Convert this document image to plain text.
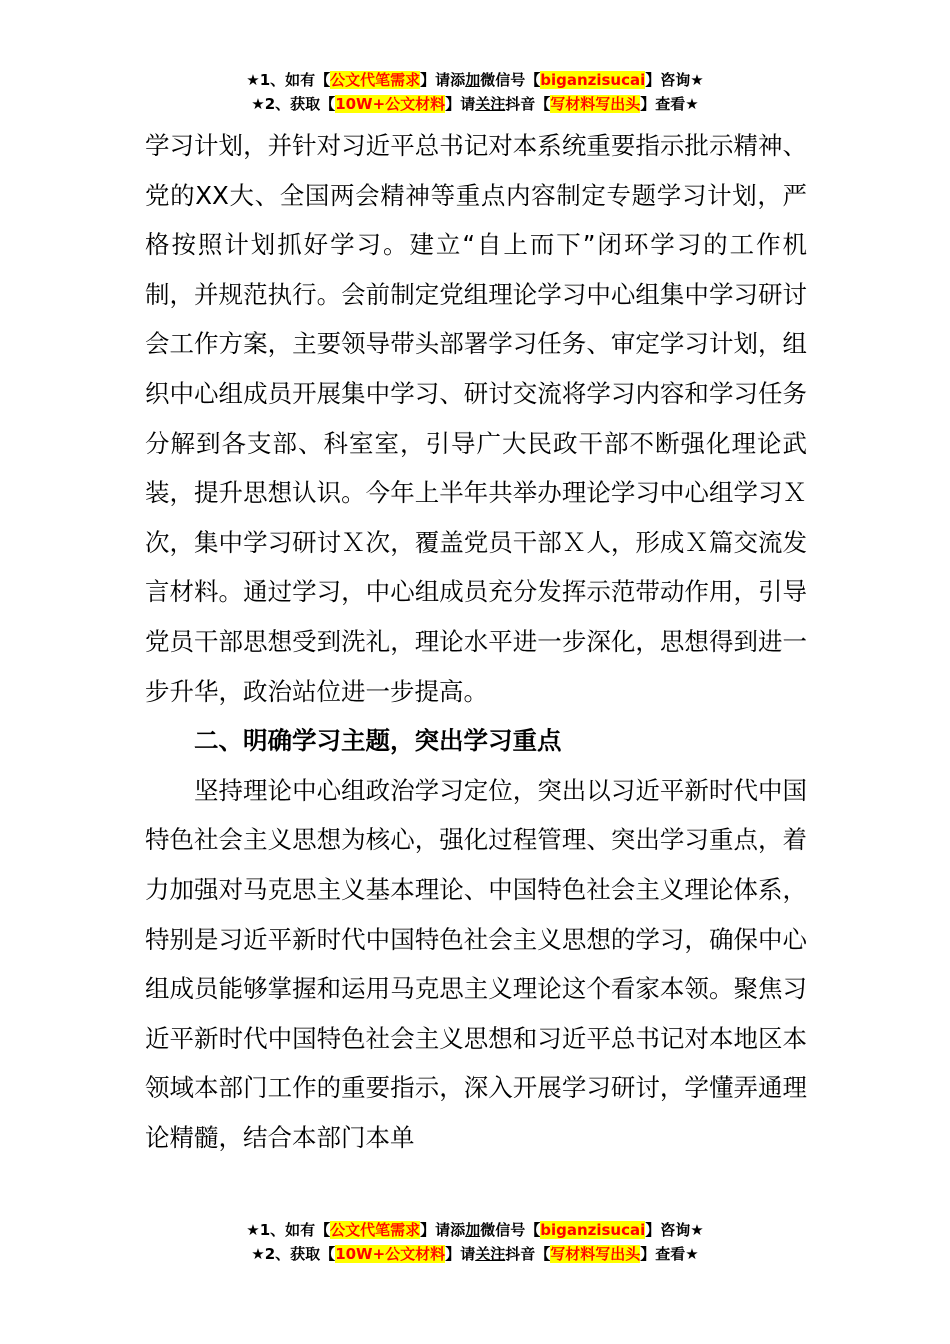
★1、如有【公文代笔需求】请添加微信号【biganzisucai】咨询★
★2、获取【10W+公文材料】请关注抖音【写材料写出头】查看★

学习计划，并针对习近平总书记对本系统重要指示批示精神、党的XX大、全国两会精神等重点内容制定专题学习计划，严格按照计划抓好学习。建立“自上而下”闭环学习的工作机制，并规范执行。会前制定党组理论学习中心组集中学习研讨会工作方案，主要领导带头部署学习任务、审定学习计划，组织中心组成员开展集中学习、研讨交流将学习内容和学习任务分解到各支部、科室室，引导广大民政干部不断强化理论武装，提升思想认识。今年上半年共举办理论学习中心组学习Ｘ次，集中学习研讨Ｘ次，覆盖党员干部Ｘ人，形成Ｘ篇交流发言材料。通过学习，中心组成员充分发挥示范带动作用，引导党员干部思想受到洗礼，理论水平进一步深化，思想得到进一步升华，政治站位进一步提高。

二、明确学习主题，突出学习重点

坚持理论中心组政治学习定位，突出以习近平新时代中国特色社会主义思想为核心，强化过程管理、突出学习重点，着力加强对马克思主义基本理论、中国特色社会主义理论体系，特别是习近平新时代中国特色社会主义思想的学习，确保中心组成员能够掌握和运用马克思主义理论这个看家本领。聚焦习近平新时代中国特色社会主义思想和习近平总书记对本地区本领域本部门工作的重要指示，深入开展学习研讨，学懂弄通理论精髓，结合本部门本单

★1、如有【公文代笔需求】请添加微信号【biganzisucai】咨询★
★2、获取【10W+公文材料】请关注抖音【写材料写出头】查看★
